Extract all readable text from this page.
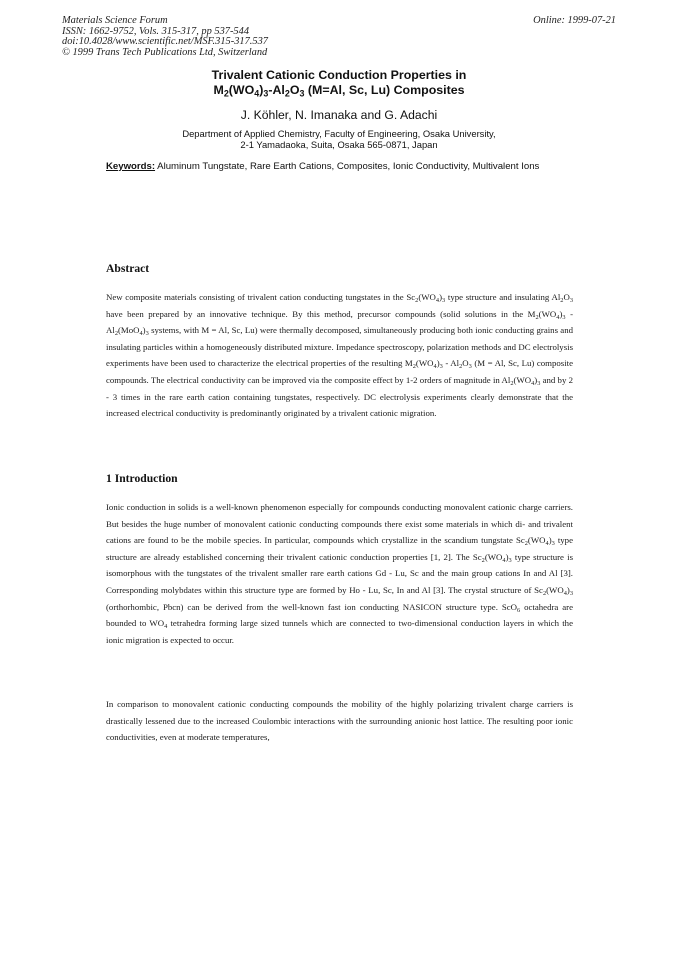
Materials Science Forum
ISSN: 1662-9752, Vols. 315-317, pp 537-544
doi:10.4028/www.scientific.net/MSF.315-317.537
© 1999 Trans Tech Publications Ltd, Switzerland
Online: 1999-07-21
Trivalent Cationic Conduction Properties in
$M_2(WO_4)_3-Al_2O_3$ (M=Al, Sc, Lu) Composites
J. Köhler, N. Imanaka and G. Adachi
Department of Applied Chemistry, Faculty of Engineering, Osaka University,
2-1 Yamadaoka, Suita, Osaka 565-0871, Japan
Keywords: Aluminum Tungstate, Rare Earth Cations, Composites, Ionic Conductivity, Multivalent Ions
Abstract
New composite materials consisting of trivalent cation conducting tungstates in the $Sc_2(WO_4)_3$ type structure and insulating $Al_2O_3$ have been prepared by an innovative technique. By this method, precursor compounds (solid solutions in the $M_2(WO_4)_3 - Al_2(MoO_4)_3$ systems, with M = Al, Sc, Lu) were thermally decomposed, simultaneously producing both ionic conducting grains and insulating particles within a homogeneously distributed mixture. Impedance spectroscopy, polarization methods and DC electrolysis experiments have been used to characterize the electrical properties of the resulting $M_2(WO_4)_3 - Al_2O_3$ (M = Al, Sc, Lu) composite compounds. The electrical conductivity can be improved via the composite effect by 1-2 orders of magnitude in $Al_2(WO_4)_3$ and by 2 - 3 times in the rare earth cation containing tungstates, respectively. DC electrolysis experiments clearly demonstrate that the increased electrical conductivity is predominantly originated by a trivalent cationic migration.
1 Introduction
Ionic conduction in solids is a well-known phenomenon especially for compounds conducting monovalent cationic charge carriers. But besides the huge number of monovalent cationic conducting compounds there exist some materials in which di- and trivalent cations are found to be the mobile species. In particular, compounds which crystallize in the scandium tungstate $Sc_2(WO_4)_3$ type structure are already established concerning their trivalent cationic conduction properties [1, 2]. The $Sc_2(WO_4)_3$ type structure is isomorphous with the tungstates of the trivalent smaller rare earth cations Gd - Lu, Sc and the main group cations In and Al [3]. Corresponding molybdates within this structure type are formed by Ho - Lu, Sc, In and Al [3]. The crystal structure of $Sc_2(WO_4)_3$ (orthorhombic, Pbcn) can be derived from the well-known fast ion conducting NASICON structure type. ScO$_6$ octahedra are bounded to $WO_4$ tetrahedra forming large sized tunnels which are connected to two-dimensional conduction layers in which the ionic migration is expected to occur.
In comparison to monovalent cationic conducting compounds the mobility of the highly polarizing trivalent charge carriers is drastically lessened due to the increased Coulombic interactions with the surrounding anionic host lattice. The resulting poor ionic conductivities, even at moderate temperatures,
